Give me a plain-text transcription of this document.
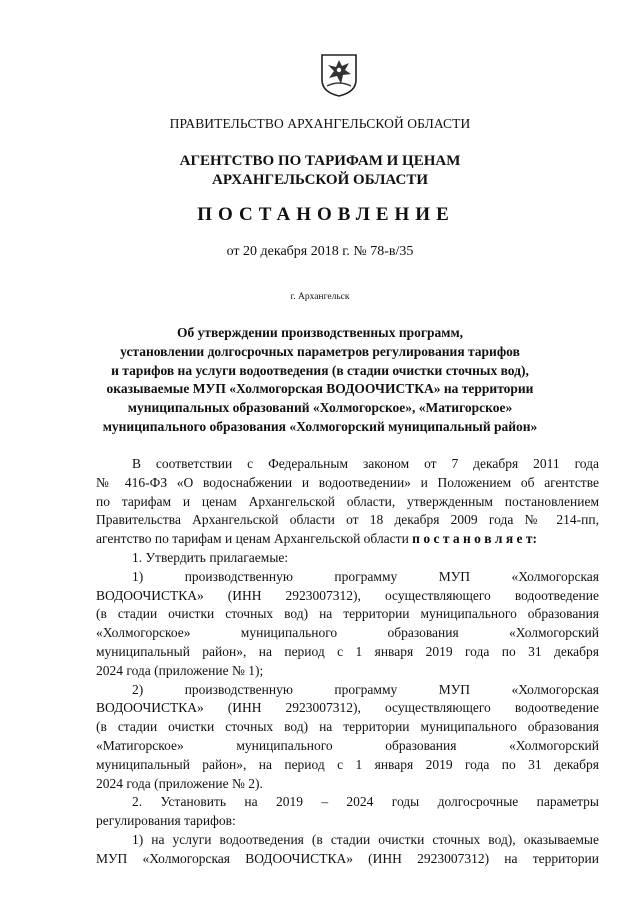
ПРАВИТЕЛЬСТВО АРХАНГЕЛЬСКОЙ ОБЛАСТИ
АГЕНТСТВО ПО ТАРИФАМ И ЦЕНАМ
АРХАНГЕЛЬСКОЙ ОБЛАСТИ
ПОСТАНОВЛЕНИЕ
от 20 декабря 2018 г. № 78-в/35
г. Архангельск
Об утверждении производственных программ,
установлении долгосрочных параметров регулирования тарифов
и тарифов на услуги водоотведения (в стадии очистки сточных вод),
оказываемые МУП «Холмогорская ВОДООЧИСТКА» на территории
муниципальных образований «Холмогорское», «Матигорское»
муниципального образования «Холмогорский муниципальный район»
В соответствии с Федеральным законом от 7 декабря 2011 года
№ 416-ФЗ «О водоснабжении и водоотведении» и Положением об агентстве
по тарифам и ценам Архангельской области, утвержденным постановлением
Правительства Архангельской области от 18 декабря 2009 года № 214-пп,
агентство по тарифам и ценам Архангельской области п о с т а н о в л я е т:
1. Утвердить прилагаемые:
1) производственную программу МУП «Холмогорская
ВОДООЧИСТКА» (ИНН 2923007312), осуществляющего водоотведение
(в стадии очистки сточных вод) на территории муниципального образования
«Холмогорское» муниципального образования «Холмогорский
муниципальный район», на период с 1 января 2019 года по 31 декабря
2024 года (приложение № 1);
2) производственную программу МУП «Холмогорская
ВОДООЧИСТКА» (ИНН 2923007312), осуществляющего водоотведение
(в стадии очистки сточных вод) на территории муниципального образования
«Матигорское» муниципального образования «Холмогорский
муниципальный район», на период с 1 января 2019 года по 31 декабря
2024 года (приложение № 2).
2. Установить на 2019 – 2024 годы долгосрочные параметры
регулирования тарифов:
1) на услуги водоотведения (в стадии очистки сточных вод), оказываемые
МУП «Холмогорская ВОДООЧИСТКА» (ИНН 2923007312) на территории
